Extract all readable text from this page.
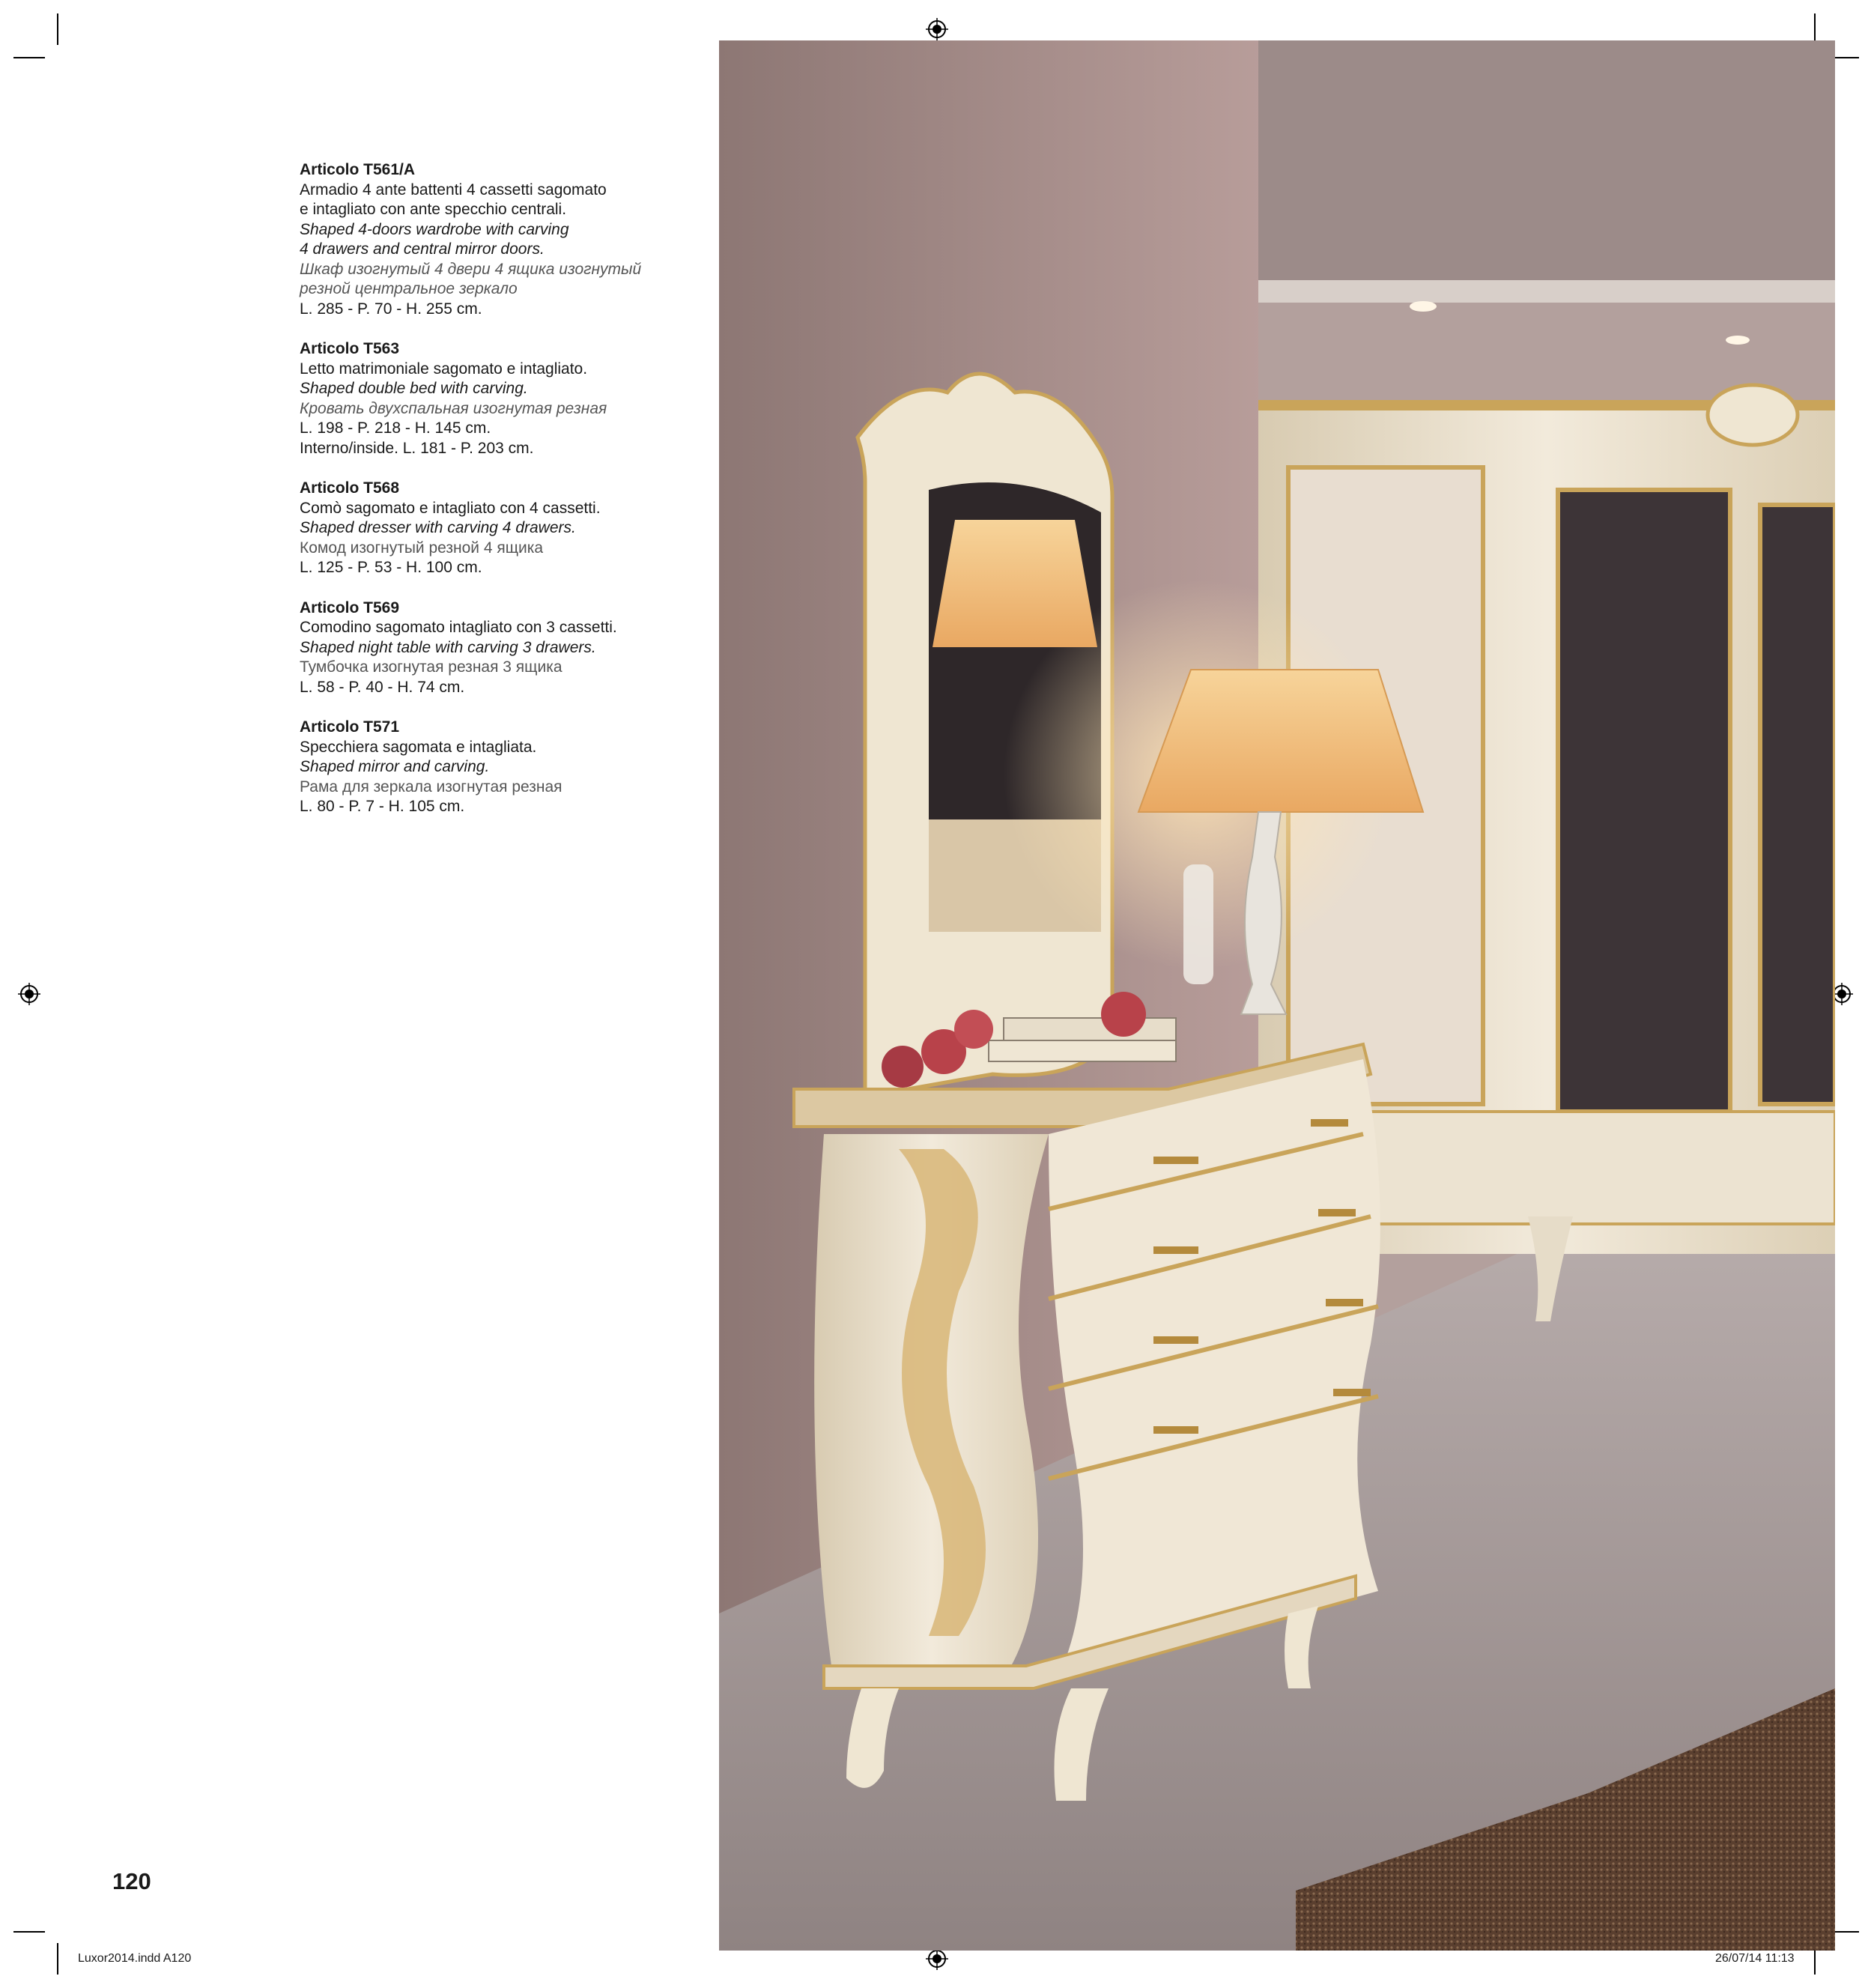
Articolo T561/A
Armadio 4 ante battenti 4 cassetti sagomato
e intagliato con ante specchio centrali.
Shaped 4-doors wardrobe with carving
4 drawers and central mirror doors.
Шкаф изогнутый 4 двери 4 ящика изогнутый
резной центральное зеркало
L. 285 - P. 70 - H. 255 cm.
Articolo T563
Letto matrimoniale sagomato e intagliato.
Shaped double bed with carving.
Кровать двухспальная изогнутая резная
L. 198 - P. 218 - H. 145 cm.
Interno/inside. L. 181 - P. 203 cm.
Articolo T568
Comò sagomato e intagliato con 4 cassetti.
Shaped dresser with carving 4 drawers.
Комод изогнутый резной 4 ящика
L. 125 - P. 53 - H. 100 cm.
Articolo T569
Comodino sagomato intagliato con 3 cassetti.
Shaped night table with carving 3 drawers.
Тумбочка изогнутая резная 3 ящика
L. 58 - P. 40 - H. 74 cm.
Articolo T571
Specchiera sagomata e intagliata.
Shaped mirror and carving.
Рама для зеркала изогнутая резная
L. 80 - P. 7 - H. 105 cm.
120
Luxor2014.indd A120	26/07/14 11:13
